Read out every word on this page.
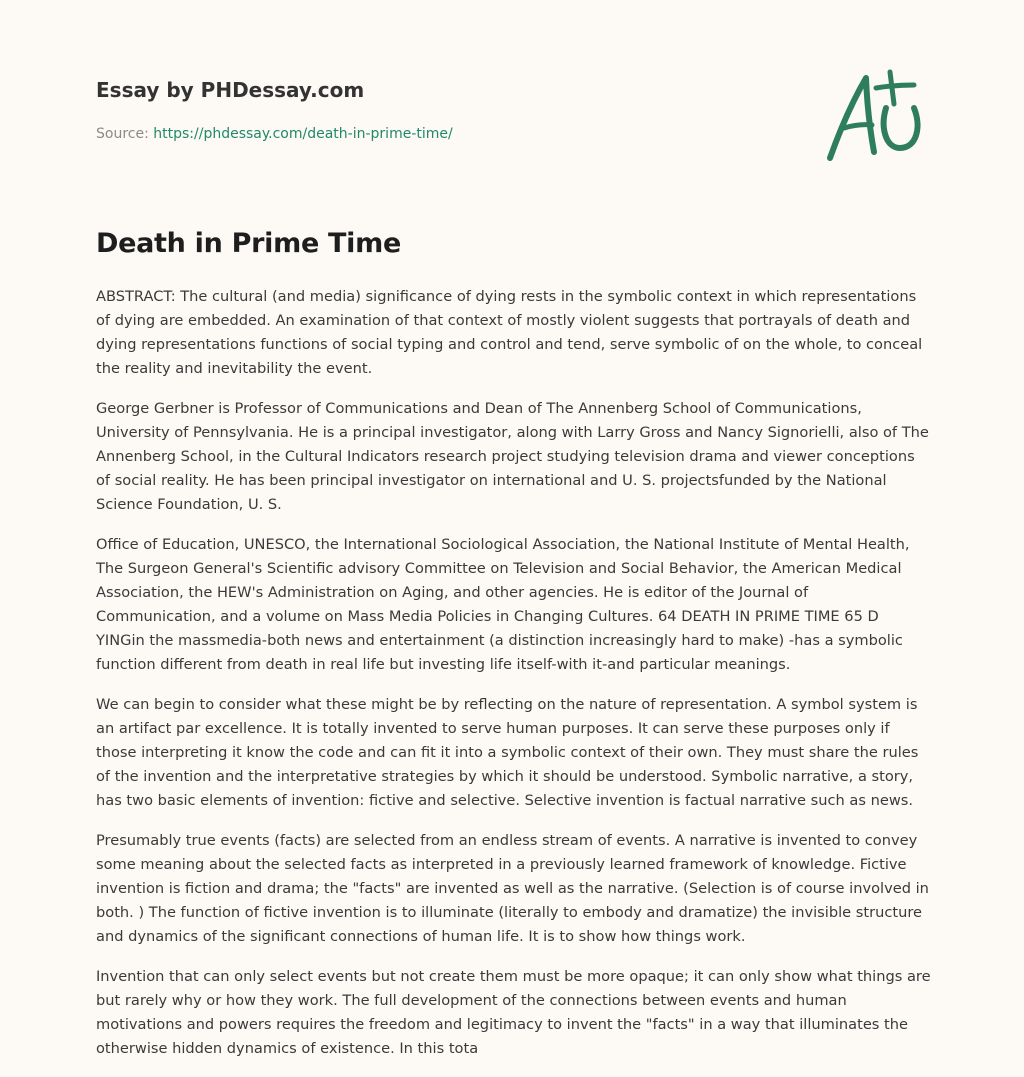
Essay by PHDessay.com
Source: https://phdessay.com/death-in-prime-time/
Death in Prime Time

ABSTRACT: The cultural (and media) significance of dying rests in the symbolic context in which representations of dying are embedded. An examination of that context of mostly violent suggests that portrayals of death and dying representations functions of social typing and control and tend, serve symbolic of on the whole, to conceal the reality and inevitability the event.

George Gerbner is Professor of Communications and Dean of The Annenberg School of Communications, University of Pennsylvania. He is a principal investigator, along with Larry Gross and Nancy Signorielli, also of The Annenberg School, in the Cultural Indicators research project studying television drama and viewer conceptions of social reality. He has been principal investigator on international and U. S. projectsfunded by the National Science Foundation, U. S.

Office of Education, UNESCO, the International Sociological Association, the National Institute of Mental Health, The Surgeon General's Scientific advisory Committee on Television and Social Behavior, the American Medical Association, the HEW's Administration on Aging, and other agencies. He is editor of the Journal of Communication, and a volume on Mass Media Policies in Changing Cultures. 64 DEATH IN PRIME TIME 65 D YINGin the massmedia-both news and entertainment (a distinction increasingly hard to make) -has a symbolic function different from death in real life but investing life itself-with it-and particular meanings.

We can begin to consider what these might be by reflecting on the nature of representation. A symbol system is an artifact par excellence. It is totally invented to serve human purposes. It can serve these purposes only if those interpreting it know the code and can fit it into a symbolic context of their own. They must share the rules of the invention and the interpretative strategies by which it should be understood. Symbolic narrative, a story, has two basic elements of invention: fictive and selective. Selective invention is factual narrative such as news.

Presumably true events (facts) are selected from an endless stream of events. A narrative is invented to convey some meaning about the selected facts as interpreted in a previously learned framework of knowledge. Fictive invention is fiction and drama; the "facts" are invented as well as the narrative. (Selection is of course involved in both. ) The function of fictive invention is to illuminate (literally to embody and dramatize) the invisible structure and dynamics of the significant connections of human life. It is to show how things work.

Invention that can only select events but not create them must be more opaque; it can only show what things are but rarely why or how they work. The full development of the connections between events and human motivations and powers requires the freedom and legitimacy to invent the "facts" in a way that illuminates the otherwise hidden dynamics of existence. In this tota
